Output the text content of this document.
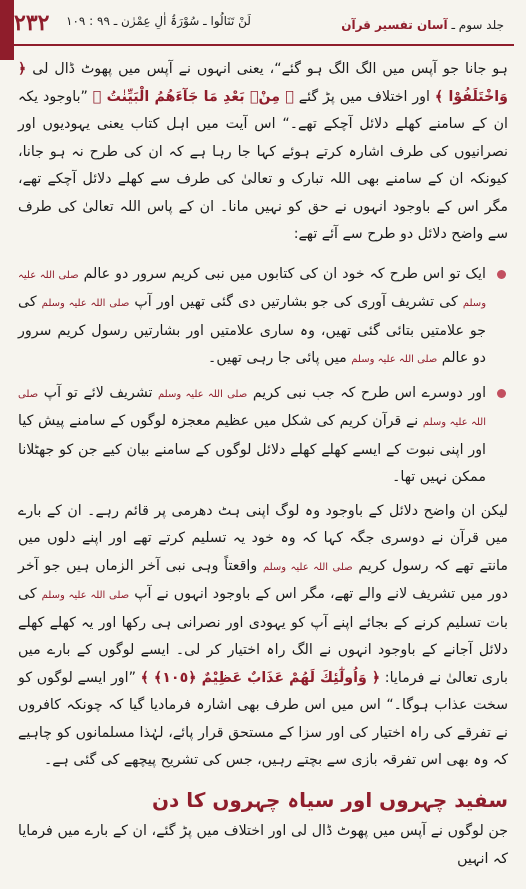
۲۳۲ لَنْ تَنَالُوا ـ سُوْرَۃُ اٰلِ عِمْرٰن ـ ۹۹ : ۱۰۹	جلد سوم ـ آسان تفسیر قرآن

ہو جانا جو آپس میں الگ الگ ہو گئے“، یعنی انہوں نے آپس میں پھوٹ ڈال لی ﴿ وَاخْتَلَفُوْا ﴾ اور اختلاف میں پڑ گئے ﴿ مِنْۢ بَعْدِ مَا جَآءَهُمُ الْبَيِّنٰتُ ﴾ ”باوجود یکہ ان کے سامنے کھلے دلائل آچکے تھے۔“ اس آیت میں اہل کتاب یعنی یہودیوں اور نصرانیوں کی طرف اشارہ کرتے ہوئے کہا جا رہا ہے کہ ان کی طرح نہ ہو جانا، کیونکہ ان کے سامنے بھی اللہ تبارک و تعالیٰ کی طرف سے کھلے دلائل آچکے تھے، مگر اس کے باوجود انہوں نے حق کو نہیں مانا۔ ان کے پاس اللہ تعالیٰ کی طرف سے واضح دلائل دو طرح سے آئے تھے:

ایک تو اس طرح کہ خود ان کی کتابوں میں نبی کریم سرور دو عالم صلی اللہ علیہ وسلم کی تشریف آوری کی جو بشارتیں دی گئی تھیں اور آپ صلی اللہ علیہ وسلم کی جو علامتیں بتائی گئی تھیں، وہ ساری علامتیں اور بشارتیں رسول کریم سرور دو عالم صلی اللہ علیہ وسلم میں پائی جا رہی تھیں۔
اور دوسرے اس طرح کہ جب نبی کریم صلی اللہ علیہ وسلم تشریف لائے تو آپ صلی اللہ علیہ وسلم نے قرآن کریم کی شکل میں عظیم معجزہ لوگوں کے سامنے پیش کیا اور اپنی نبوت کے ایسے کھلے کھلے دلائل لوگوں کے سامنے بیان کیے جن کو جھٹلانا ممکن نہیں تھا۔

لیکن ان واضح دلائل کے باوجود وہ لوگ اپنی ہٹ دھرمی پر قائم رہے۔ ان کے بارے میں قرآن نے دوسری جگہ کہا کہ وہ خود یہ تسلیم کرتے تھے اور اپنے دلوں میں مانتے تھے کہ رسول کریم صلی اللہ علیہ وسلم واقعتاً وہی نبی آخر الزماں ہیں جو آخر دور میں تشریف لانے والے تھے، مگر اس کے باوجود انہوں نے آپ صلی اللہ علیہ وسلم کی بات تسلیم کرنے کے بجائے اپنے آپ کو یہودی اور نصرانی ہی رکھا اور یہ کھلے کھلے دلائل آجانے کے باوجود انہوں نے الگ راہ اختیار کر لی۔ ایسے لوگوں کے بارے میں باری تعالیٰ نے فرمایا: ﴿ وَاُولٰٓئِكَ لَهُمْ عَذَابٌ عَظِيْمٌ ﴿١٠٥﴾ ﴾ ”اور ایسے لوگوں کو سخت عذاب ہوگا۔“ اس میں اس طرف بھی اشارہ فرمادیا گیا کہ چونکہ کافروں نے تفرقے کی راہ اختیار کی اور سزا کے مستحق قرار پائے، لہٰذا مسلمانوں کو چاہیے کہ وہ بھی اس تفرقہ بازی سے بچتے رہیں، جس کی تشریح پیچھے کی گئی ہے۔

سفید چہروں اور سیاہ چہروں کا دن

جن لوگوں نے آپس میں پھوٹ ڈال لی اور اختلاف میں پڑ گئے، ان کے بارے میں فرمایا کہ انہیں
